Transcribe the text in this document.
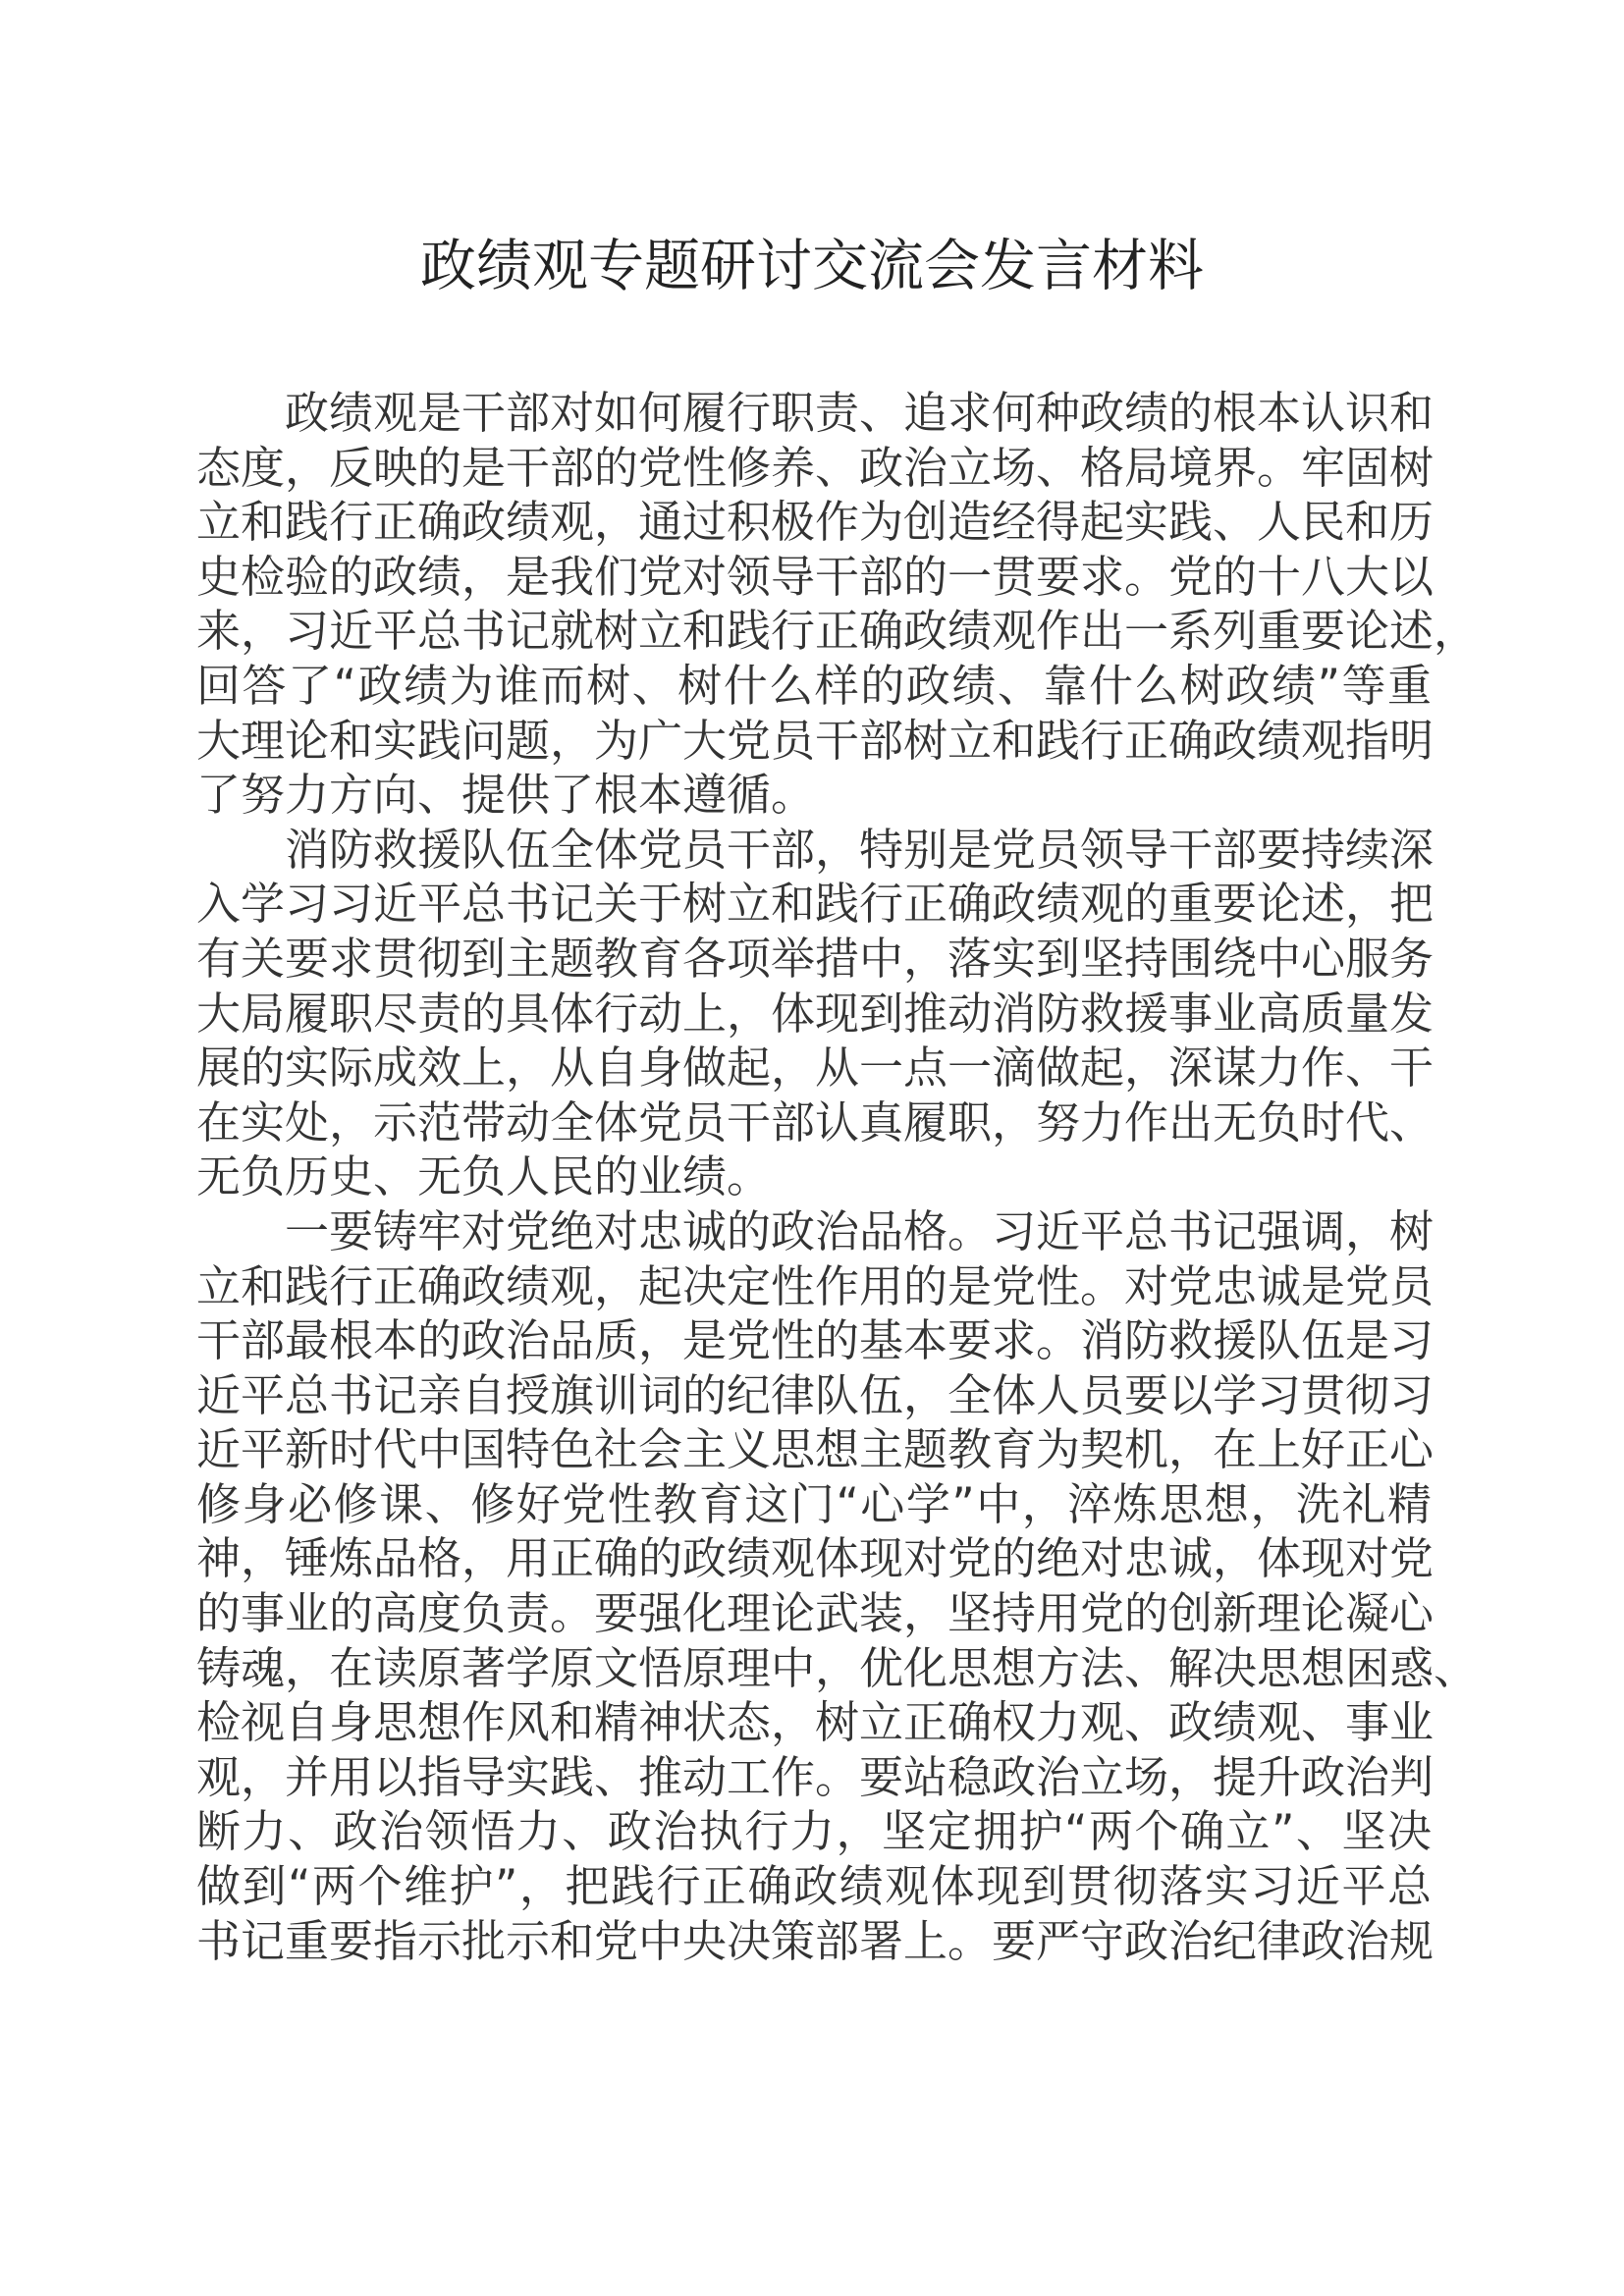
政绩观专题研讨交流会发言材料
政绩观是干部对如何履行职责、追求何种政绩的根本认识和
态度，反映的是干部的党性修养、政治立场、格局境界。牢固树
立和践行正确政绩观，通过积极作为创造经得起实践、人民和历
史检验的政绩，是我们党对领导干部的一贯要求。党的十八大以
来，习近平总书记就树立和践行正确政绩观作出一系列重要论述，
回答了“政绩为谁而树、树什么样的政绩、靠什么树政绩”等重
大理论和实践问题，为广大党员干部树立和践行正确政绩观指明
了努力方向、提供了根本遵循。
消防救援队伍全体党员干部，特别是党员领导干部要持续深
入学习习近平总书记关于树立和践行正确政绩观的重要论述，把
有关要求贯彻到主题教育各项举措中，落实到坚持围绕中心服务
大局履职尽责的具体行动上，体现到推动消防救援事业高质量发
展的实际成效上，从自身做起，从一点一滴做起，深谋力作、干
在实处，示范带动全体党员干部认真履职，努力作出无负时代、
无负历史、无负人民的业绩。
一要铸牢对党绝对忠诚的政治品格。习近平总书记强调，树
立和践行正确政绩观，起决定性作用的是党性。对党忠诚是党员
干部最根本的政治品质，是党性的基本要求。消防救援队伍是习
近平总书记亲自授旗训词的纪律队伍，全体人员要以学习贯彻习
近平新时代中国特色社会主义思想主题教育为契机，在上好正心
修身必修课、修好党性教育这门“心学”中，淬炼思想，洗礼精
神，锤炼品格，用正确的政绩观体现对党的绝对忠诚，体现对党
的事业的高度负责。要强化理论武装，坚持用党的创新理论凝心
铸魂，在读原著学原文悟原理中，优化思想方法、解决思想困惑、
检视自身思想作风和精神状态，树立正确权力观、政绩观、事业
观，并用以指导实践、推动工作。要站稳政治立场，提升政治判
断力、政治领悟力、政治执行力，坚定拥护“两个确立”、坚决
做到“两个维护”，把践行正确政绩观体现到贯彻落实习近平总
书记重要指示批示和党中央决策部署上。要严守政治纪律政治规
